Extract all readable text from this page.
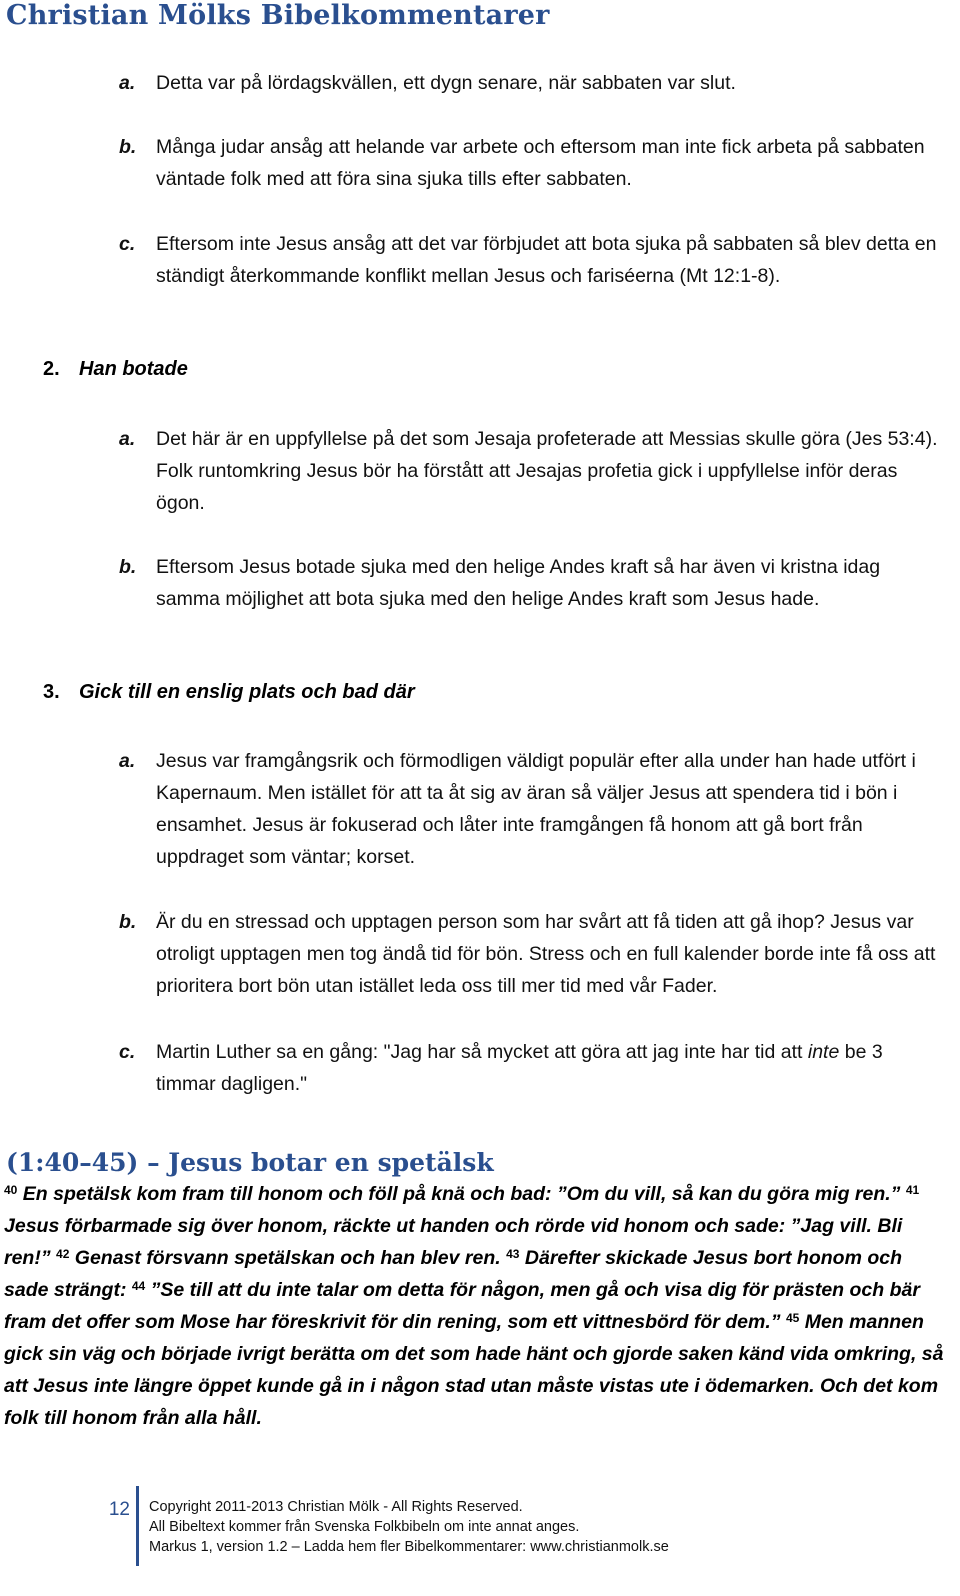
Christian Mölks Bibelkommentarer
a.	Detta var på lördagskvällen, ett dygn senare, när sabbaten var slut.
b.	Många judar ansåg att helande var arbete och eftersom man inte fick arbeta på sabbaten väntade folk med att föra sina sjuka tills efter sabbaten.
c.	Eftersom inte Jesus ansåg att det var förbjudet att bota sjuka på sabbaten så blev detta en ständigt återkommande konflikt mellan Jesus och fariséerna (Mt 12:1-8).
2. Han botade
a.	Det här är en uppfyllelse på det som Jesaja profeterade att Messias skulle göra (Jes 53:4). Folk runtomkring Jesus bör ha förstått att Jesajas profetia gick i uppfyllelse inför deras ögon.
b.	Eftersom Jesus botade sjuka med den helige Andes kraft så har även vi kristna idag samma möjlighet att bota sjuka med den helige Andes kraft som Jesus hade.
3. Gick till en enslig plats och bad där
a.	Jesus var framgångsrik och förmodligen väldigt populär efter alla under han hade utfört i Kapernaum. Men istället för att ta åt sig av äran så väljer Jesus att spendera tid i bön i ensamhet. Jesus är fokuserad och låter inte framgången få honom att gå bort från uppdraget som väntar; korset.
b.	Är du en stressad och upptagen person som har svårt att få tiden att gå ihop? Jesus var otroligt upptagen men tog ändå tid för bön. Stress och en full kalender borde inte få oss att prioritera bort bön utan istället leda oss till mer tid med vår Fader.
c.	Martin Luther sa en gång: "Jag har så mycket att göra att jag inte har tid att inte be 3 timmar dagligen."
(1:40–45) – Jesus botar en spetälsk
$^{40}$ En spetälsk kom fram till honom och föll på knä och bad: ”Om du vill, så kan du göra mig ren.” $^{41}$ Jesus förbarmade sig över honom, räckte ut handen och rörde vid honom och sade: ”Jag vill. Bli ren!” $^{42}$ Genast försvann spetälskan och han blev ren. $^{43}$ Därefter skickade Jesus bort honom och sade strängt: $^{44}$ ”Se till att du inte talar om detta för någon, men gå och visa dig för prästen och bär fram det offer som Mose har föreskrivit för din rening, som ett vittnesbörd för dem.” $^{45}$ Men mannen gick sin väg och började ivrigt berätta om det som hade hänt och gjorde saken känd vida omkring, så att Jesus inte längre öppet kunde gå in i någon stad utan måste vistas ute i ödemarken. Och det kom folk till honom från alla håll.
12 Copyright 2011-2013 Christian Mölk - All Rights Reserved.
All Bibeltext kommer från Svenska Folkbibeln om inte annat anges.
Markus 1, version 1.2 – Ladda hem fler Bibelkommentarer: www.christianmolk.se
